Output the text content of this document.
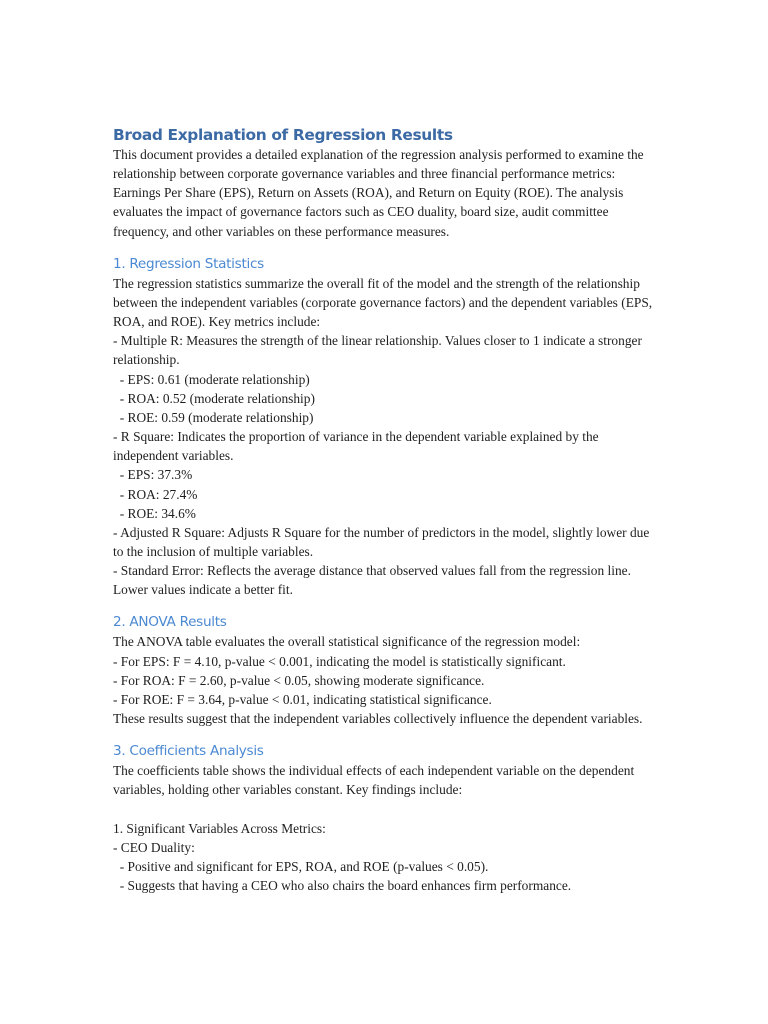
Broad Explanation of Regression Results

This document provides a detailed explanation of the regression analysis performed to examine the relationship between corporate governance variables and three financial performance metrics: Earnings Per Share (EPS), Return on Assets (ROA), and Return on Equity (ROE). The analysis evaluates the impact of governance factors such as CEO duality, board size, audit committee frequency, and other variables on these performance measures.

1. Regression Statistics
The regression statistics summarize the overall fit of the model and the strength of the relationship between the independent variables (corporate governance factors) and the dependent variables (EPS, ROA, and ROE). Key metrics include:
- Multiple R: Measures the strength of the linear relationship. Values closer to 1 indicate a stronger relationship.
- EPS: 0.61 (moderate relationship)
- ROA: 0.52 (moderate relationship)
- ROE: 0.59 (moderate relationship)
- R Square: Indicates the proportion of variance in the dependent variable explained by the independent variables.
- EPS: 37.3%
- ROA: 27.4%
- ROE: 34.6%
- Adjusted R Square: Adjusts R Square for the number of predictors in the model, slightly lower due to the inclusion of multiple variables.
- Standard Error: Reflects the average distance that observed values fall from the regression line. Lower values indicate a better fit.
2. ANOVA Results
The ANOVA table evaluates the overall statistical significance of the regression model:
- For EPS: F = 4.10, p-value < 0.001, indicating the model is statistically significant.
- For ROA: F = 2.60, p-value < 0.05, showing moderate significance.
- For ROE: F = 3.64, p-value < 0.01, indicating statistical significance.
These results suggest that the independent variables collectively influence the dependent variables.
3. Coefficients Analysis
The coefficients table shows the individual effects of each independent variable on the dependent variables, holding other variables constant. Key findings include:
1. Significant Variables Across Metrics:
- CEO Duality:
- Positive and significant for EPS, ROA, and ROE (p-values < 0.05).
- Suggests that having a CEO who also chairs the board enhances firm performance.
